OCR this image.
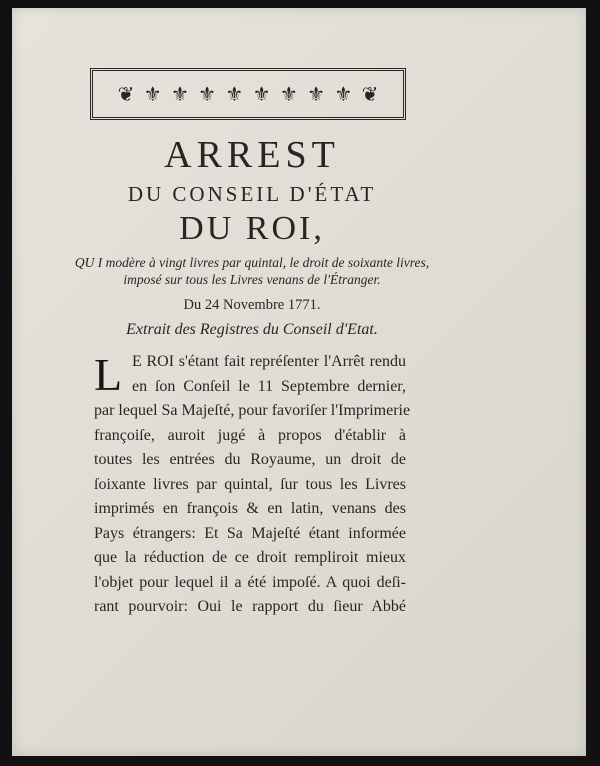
❦ ⚜ ⚜ ⚜ ⚜ ⚜ ⚜ ⚜ ⚜ ❦
ARREST
DU CONSEIL D'ÉTAT
DU ROI,
QU I modère à vingt livres par quintal, le droit de soixante livres, imposé sur tous les Livres venans de l'Étranger.
Du 24 Novembre 1771.
Extrait des Registres du Conseil d'Etat.
L E ROI s'étant fait repréſenter l'Arrêt rendu
en ſon Conſeil le 11 Septembre dernier,
par lequel Sa Majeſté, pour favoriſer l'Imprimerie
françoiſe, auroit jugé à propos d'établir à
toutes les entrées du Royaume, un droit de
ſoixante livres par quintal, ſur tous les Livres
imprimés en françois & en latin, venans des
Pays étrangers: Et Sa Majeſté étant informée
que la réduction de ce droit rempliroit mieux
l'objet pour lequel il a été impoſé. A quoi deſi-
rant pourvoir: Oui le rapport du ſieur Abbé
